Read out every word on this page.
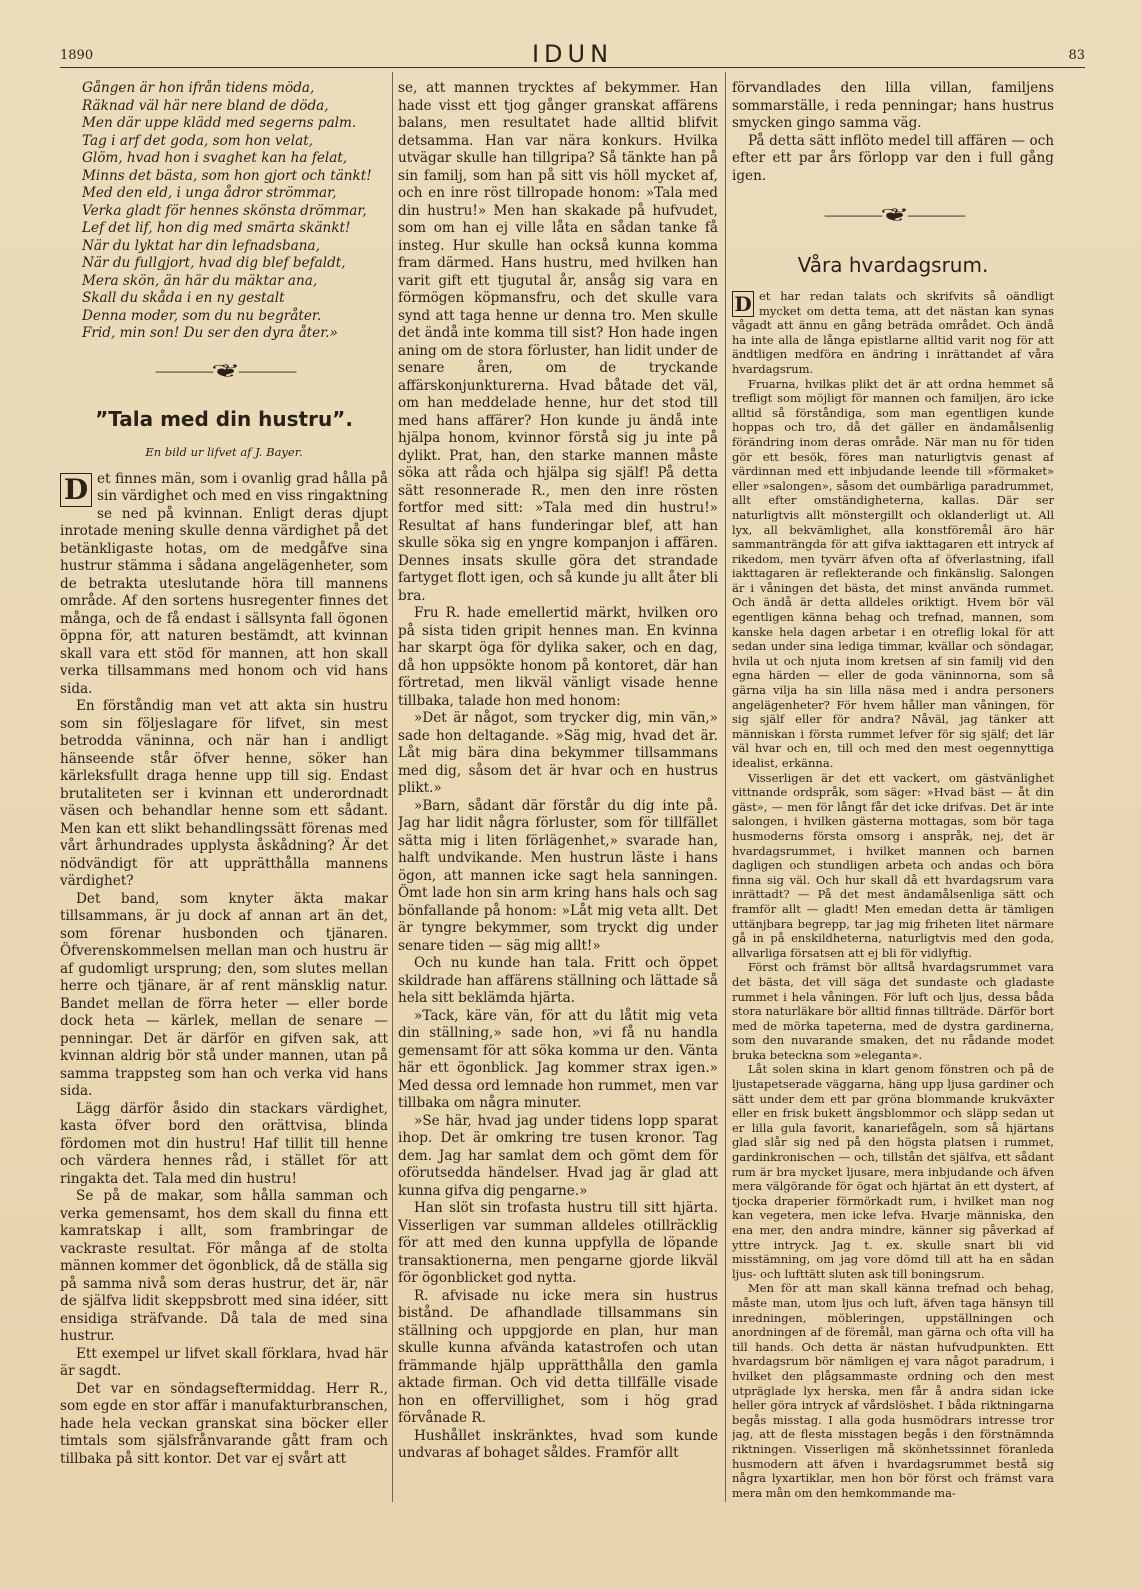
1890	IDUN	83
Gången är hon ifrån tidens möda,
Räknad väl här nere bland de döda,
Men där uppe klädd med segerns palm.
Tag i arf det goda, som hon velat,
Glöm, hvad hon i svaghet kan ha felat,
Minns det bästa, som hon gjort och tänkt!
Med den eld, i unga ådror strömmar,
Verka gladt för hennes skönsta drömmar,
Lef det lif, hon dig med smärta skänkt!
När du lyktat har din lefnadsbana,
När du fullgjort, hvad dig blef befaldt,
Mera skön, än här du mäktar ana,
Skall du skåda i en ny gestalt
Denna moder, som du nu begråter.
Frid, min son! Du ser den dyra åter.»
⸺❦⸺
”Tala med din hustru”.
En bild ur lifvet af J. Bayer.

D et finnes män, som i ovanlig grad hålla på sin värdighet och med en viss ringaktning se ned på kvinnan. Enligt deras djupt inrotade mening skulle denna värdighet på det betänkligaste hotas, om de medgåfve sina hustrur stämma i sådana angelägenheter, som de betrakta uteslutande höra till mannens område. Af den sortens husregenter finnes det många, och de få endast i sällsynta fall ögonen öppna för, att naturen bestämdt, att kvinnan skall vara ett stöd för mannen, att hon skall verka tillsammans med honom och vid hans sida.

En förståndig man vet att akta sin hustru som sin följeslagare för lifvet, sin mest betrodda väninna, och när han i andligt hänseende står öfver henne, söker han kärleksfullt draga henne upp till sig. Endast brutaliteten ser i kvinnan ett underordnadt väsen och behandlar henne som ett sådant. Men kan ett slikt behandlingssätt förenas med vårt århundrades upplysta åskådning? Är det nödvändigt för att upprätthålla mannens värdighet?

Det band, som knyter äkta makar tillsammans, är ju dock af annan art än det, som förenar husbonden och tjänaren. Öfverenskommelsen mellan man och hustru är af gudomligt ursprung; den, som slutes mellan herre och tjänare, är af rent mänsklig natur. Bandet mellan de förra heter — eller borde dock heta — kärlek, mellan de senare — penningar. Det är därför en gifven sak, att kvinnan aldrig bör stå under mannen, utan på samma trappsteg som han och verka vid hans sida.

Lägg därför åsido din stackars värdighet, kasta öfver bord den orättvisa, blinda fördomen mot din hustru! Haf tillit till henne och värdera hennes råd, i stället för att ringakta det. Tala med din hustru!

Se på de makar, som hålla samman och verka gemensamt, hos dem skall du finna ett kamratskap i allt, som frambringar de vackraste resultat. För många af de stolta männen kommer det ögonblick, då de ställa sig på samma nivå som deras hustrur, det är, när de själfva lidit skeppsbrott med sina idéer, sitt ensidiga sträfvande. Då tala de med sina hustrur.

Ett exempel ur lifvet skall förklara, hvad här är sagdt.

Det var en söndagseftermiddag. Herr R., som egde en stor affär i manufakturbranschen, hade hela veckan granskat sina böcker eller timtals som själsfrånvarande gått fram och tillbaka på sitt kontor. Det var ej svårt att

se, att mannen trycktes af bekymmer. Han hade visst ett tjog gånger granskat affärens balans, men resultatet hade alltid blifvit detsamma. Han var nära konkurs. Hvilka utvägar skulle han tillgripa? Så tänkte han på sin familj, som han på sitt vis höll mycket af, och en inre röst tillropade honom: »Tala med din hustru!» Men han skakade på hufvudet, som om han ej ville låta en sådan tanke få insteg. Hur skulle han också kunna komma fram därmed. Hans hustru, med hvilken han varit gift ett tjugutal år, ansåg sig vara en förmögen köpmansfru, och det skulle vara synd att taga henne ur denna tro. Men skulle det ändå inte komma till sist? Hon hade ingen aning om de stora förluster, han lidit under de senare åren, om de tryckande affärskonjunkturerna. Hvad båtade det väl, om han meddelade henne, hur det stod till med hans affärer? Hon kunde ju ändå inte hjälpa honom, kvinnor förstå sig ju inte på dylikt. Prat, han, den starke mannen måste söka att råda och hjälpa sig själf! På detta sätt resonnerade R., men den inre rösten fortfor med sitt: »Tala med din hustru!» Resultat af hans funderingar blef, att han skulle söka sig en yngre kompanjon i affären. Dennes insats skulle göra det strandade fartyget flott igen, och så kunde ju allt åter bli bra.

Fru R. hade emellertid märkt, hvilken oro på sista tiden gripit hennes man. En kvinna har skarpt öga för dylika saker, och en dag, då hon uppsökte honom på kontoret, där han förtretad, men likväl vänligt visade henne tillbaka, talade hon med honom:

»Det är något, som trycker dig, min vän,» sade hon deltagande. »Säg mig, hvad det är. Låt mig bära dina bekymmer tillsammans med dig, såsom det är hvar och en hustrus plikt.»

»Barn, sådant där förstår du dig inte på. Jag har lidit några förluster, som för tillfället sätta mig i liten förlägenhet,» svarade han, halft undvikande. Men hustrun läste i hans ögon, att mannen icke sagt hela sanningen. Ömt lade hon sin arm kring hans hals och sag bönfallande på honom: »Låt mig veta allt. Det är tyngre bekymmer, som tryckt dig under senare tiden — säg mig allt!»

Och nu kunde han tala. Fritt och öppet skildrade han affärens ställning och lättade så hela sitt beklämda hjärta.

»Tack, käre vän, för att du låtit mig veta din ställning,» sade hon, »vi få nu handla gemensamt för att söka komma ur den. Vänta här ett ögonblick. Jag kommer strax igen.» Med dessa ord lemnade hon rummet, men var tillbaka om några minuter.

»Se här, hvad jag under tidens lopp sparat ihop. Det är omkring tre tusen kronor. Tag dem. Jag har samlat dem och gömt dem för oförutsedda händelser. Hvad jag är glad att kunna gifva dig pengarne.»

Han slöt sin trofasta hustru till sitt hjärta. Visserligen var summan alldeles otillräcklig för att med den kunna uppfylla de löpande transaktionerna, men pengarne gjorde likväl för ögonblicket god nytta.

R. afvisade nu icke mera sin hustrus bistånd. De afhandlade tillsammans sin ställning och uppgjorde en plan, hur man skulle kunna afvända katastrofen och utan främmande hjälp upprätthålla den gamla aktade firman. Och vid detta tillfälle visade hon en offervillighet, som i hög grad förvånade R.

Hushållet inskränktes, hvad som kunde undvaras af bohaget såldes. Framför allt

förvandlades den lilla villan, familjens sommarställe, i reda penningar; hans hustrus smycken gingo samma väg.

På detta sätt inflöto medel till affären — och efter ett par års förlopp var den i full gång igen.

⸺❦⸺
Våra hvardagsrum.

D et har redan talats och skrifvits så oändligt mycket om detta tema, att det nästan kan synas vågadt att ännu en gång beträda området. Och ändå ha inte alla de långa epistlarne alltid varit nog för att ändtligen medföra en ändring i inrättandet af våra hvardagsrum.

Fruarna, hvilkas plikt det är att ordna hemmet så trefligt som möjligt för mannen och familjen, äro icke alltid så förståndiga, som man egentligen kunde hoppas och tro, då det gäller en ändamålsenlig förändring inom deras område. När man nu för tiden gör ett besök, föres man naturligtvis genast af värdinnan med ett inbjudande leende till »förmaket» eller »salongen», såsom det oumbärliga paradrummet, allt efter omständigheterna, kallas. Där ser naturligtvis allt mönstergillt och oklanderligt ut. All lyx, all bekvämlighet, alla konstföremål äro här sammanträngda för att gifva iakttagaren ett intryck af rikedom, men tyvärr äfven ofta af öfverlastning, ifall iakttagaren är reflekterande och finkänslig. Salongen är i våningen det bästa, det minst använda rummet. Och ändå är detta alldeles oriktigt. Hvem bör väl egentligen känna behag och trefnad, mannen, som kanske hela dagen arbetar i en otreflig lokal för att sedan under sina lediga timmar, kvällar och söndagar, hvila ut och njuta inom kretsen af sin familj vid den egna härden — eller de goda väninnorna, som så gärna vilja ha sin lilla näsa med i andra personers angelägenheter? För hvem håller man våningen, för sig själf eller för andra? Nåväl, jag tänker att människan i första rummet lefver för sig själf; det lär väl hvar och en, till och med den mest oegennyttiga idealist, erkänna.

Visserligen är det ett vackert, om gästvänlighet vittnande ordspråk, som säger: »Hvad bäst — åt din gäst», — men för långt får det icke drifvas. Det är inte salongen, i hvilken gästerna mottagas, som bör taga husmoderns första omsorg i anspråk, nej, det är hvardagsrummet, i hvilket mannen och barnen dagligen och stundligen arbeta och andas och böra finna sig väl. Och hur skall då ett hvardagsrum vara inrättadt? — På det mest ändamålsenliga sätt och framför allt — gladt! Men emedan detta är tämligen uttänjbara begrepp, tar jag mig friheten litet närmare gå in på enskildheterna, naturligtvis med den goda, allvarliga försatsen att ej bli för vidlyftig.

Först och främst bör alltså hvardagsrummet vara det bästa, det vill säga det sundaste och gladaste rummet i hela våningen. För luft och ljus, dessa båda stora naturläkare bör alltid finnas tillträde. Därför bort med de mörka tapeterna, med de dystra gardinerna, som den nuvarande smaken, det nu rådande modet bruka beteckna som »eleganta».

Låt solen skina in klart genom fönstren och på de ljustapetserade väggarna, häng upp ljusa gardiner och sätt under dem ett par gröna blommande krukväxter eller en frisk bukett ängsblommor och släpp sedan ut er lilla gula favorit, kanariefågeln, som så hjärtans glad slår sig ned på den högsta platsen i rummet, gardinkronischen — och, tillstån det själfva, ett sådant rum är bra mycket ljusare, mera inbjudande och äfven mera välgörande för ögat och hjärtat än ett dystert, af tjocka draperier förmörkadt rum, i hvilket man nog kan vegetera, men icke lefva. Hvarje människa, den ena mer, den andra mindre, känner sig påverkad af yttre intryck. Jag t. ex. skulle snart bli vid misstämning, om jag vore dömd till att ha en sådan ljus- och lufttätt sluten ask till boningsrum.

Men för att man skall känna trefnad och behag, måste man, utom ljus och luft, äfven taga hänsyn till inredningen, möbleringen, uppställningen och anordningen af de föremål, man gärna och ofta vill ha till hands. Och detta är nästan hufvudpunkten. Ett hvardagsrum bör nämligen ej vara något paradrum, i hvilket den plågsammaste ordning och den mest utpräglade lyx herska, men får å andra sidan icke heller göra intryck af vårdslöshet. I båda riktningarna begås misstag. I alla goda husmödrars intresse tror jag, att de flesta misstagen begås i den förstnämnda riktningen. Visserligen må skönhetssinnet föranleda husmodern att äfven i hvardagsrummet bestå sig några lyxartiklar, men hon bör först och främst vara mera mån om den hemkommande ma-
